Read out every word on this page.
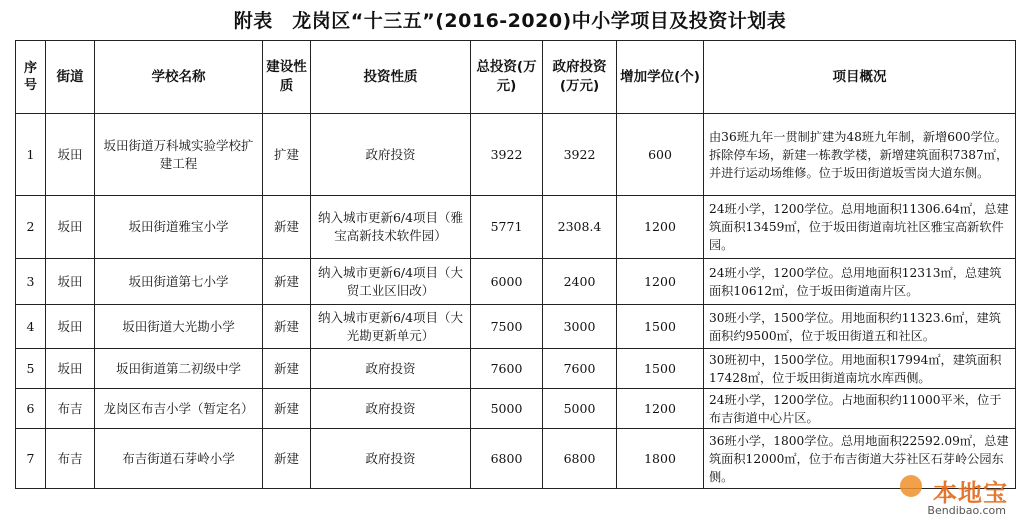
附表　龙岗区“十三五”(2016-2020)中小学项目及投资计划表
序号	街道	学校名称	建设性质	投资性质	总投资(万元)	政府投资(万元)	增加学位(个)	项目概况
1	坂田	坂田街道万科城实验学校扩建工程	扩建	政府投资	3922	3922	600	由36班九年一贯制扩建为48班九年制，新增600学位。拆除停车场，新建一栋教学楼，新增建筑面积7387㎡，并进行运动场维修。位于坂田街道坂雪岗大道东侧。
2	坂田	坂田街道雅宝小学	新建	纳入城市更新6/4项目（雅宝高新技术软件园）	5771	2308.4	1200	24班小学，1200学位。总用地面积11306.64㎡，总建筑面积13459㎡，位于坂田街道南坑社区雅宝高新软件园。
3	坂田	坂田街道第七小学	新建	纳入城市更新6/4项目（大贸工业区旧改）	6000	2400	1200	24班小学，1200学位。总用地面积12313㎡，总建筑面积10612㎡，位于坂田街道南片区。
4	坂田	坂田街道大光勘小学	新建	纳入城市更新6/4项目（大光勘更新单元）	7500	3000	1500	30班小学，1500学位。用地面积约11323.6㎡，建筑面积约9500㎡，位于坂田街道五和社区。
5	坂田	坂田街道第二初级中学	新建	政府投资	7600	7600	1500	30班初中，1500学位。用地面积17994㎡，建筑面积17428㎡，位于坂田街道南坑水库西侧。
6	布吉	龙岗区布吉小学（暂定名）	新建	政府投资	5000	5000	1200	24班小学，1200学位。占地面积约11000平米，位于布吉街道中心片区。
7	布吉	布吉街道石芽岭小学	新建	政府投资	6800	6800	1800	36班小学，1800学位。总用地面积22592.09㎡，总建筑面积12000㎡，位于布吉街道大芬社区石芽岭公园东侧。
本地宝
Bendibao.com
